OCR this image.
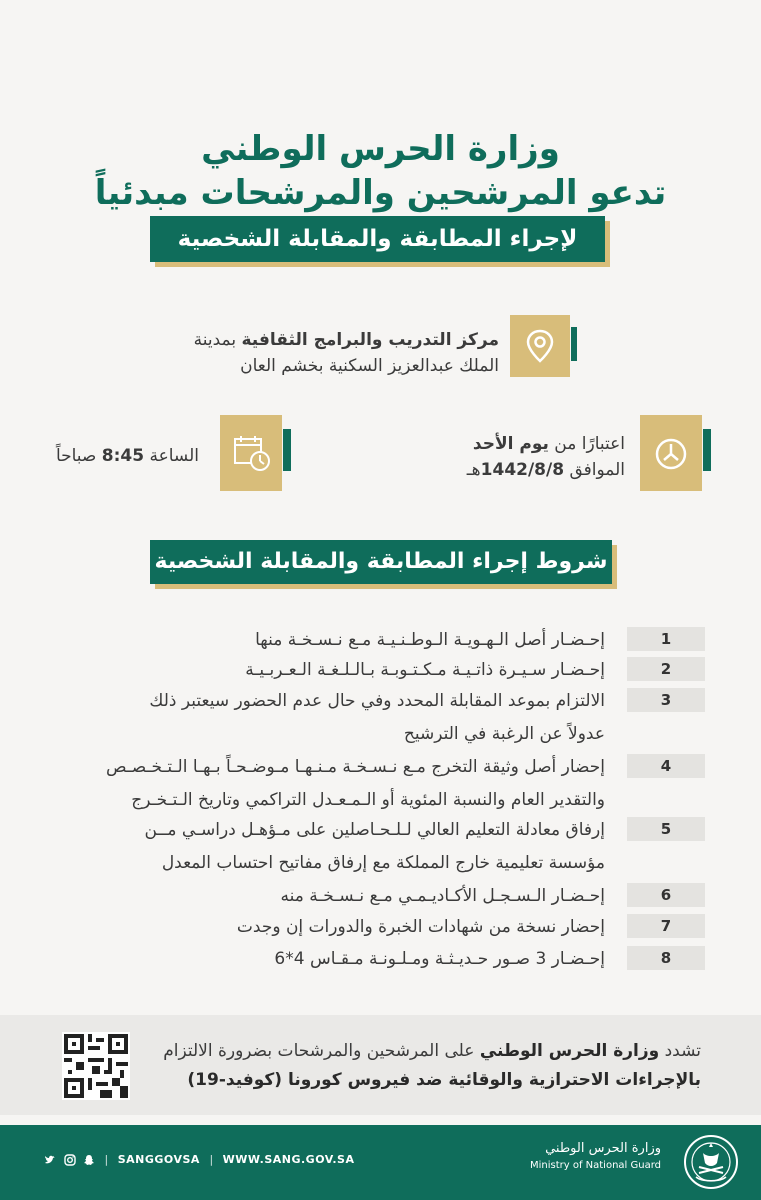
وزارة الحرس الوطني
تدعو المرشحين والمرشحات مبدئياً
لإجراء المطابقة والمقابلة الشخصية
مركز التدريب والبرامج الثقافية بمدينة
الملك عبدالعزيز السكنية بخشم العان
اعتبارًا من يوم الأحد
الموافق 1442/8/8هـ
الساعة 8:45 صباحاً
شروط إجراء المطابقة والمقابلة الشخصية
1
إحـضـار أصل الـهـويـة الـوطـنـيـة مـع نـسـخـة منها
2
إحـضـار سـيـرة ذاتـيـة مـكـتـوبـة بـالـلـغـة الـعـربـيـة
3
الالتزام بموعد المقابلة المحدد وفي حال عدم الحضور سيعتبر ذلك
عدولاً عن الرغبة في الترشيح
4
إحضار أصل وثيقة التخرج مـع نـسـخـة مـنـهـا مـوضـحـاً بـهـا الـتـخـصـص
والتقدير العام والنسبة المئوية أو الـمـعـدل التراكمي وتاريخ الـتـخـرج
5
إرفاق معادلة التعليم العالي لـلـحـاصلين على مـؤهـل دراسـي مــن
مؤسسة تعليمية خارج المملكة مع إرفاق مفاتيح احتساب المعدل
6
إحـضـار الـسـجـل الأكـاديـمـي مـع نـسـخـة منه
7
إحضار نسخة من شهادات الخبرة والدورات إن وجدت
8
إحـضـار 3 صـور حـديـثـة ومـلـونـة مـقـاس 4*6
تشدد وزارة الحرس الوطني على المرشحين والمرشحات بضرورة الالتزام
بالإجراءات الاحترازية والوقائية ضد فيروس كورونا (كوفيد-19)
| SANGGOVSA | WWW.SANG.GOV.SA
وزارة الحرس الوطني
Ministry of National Guard
